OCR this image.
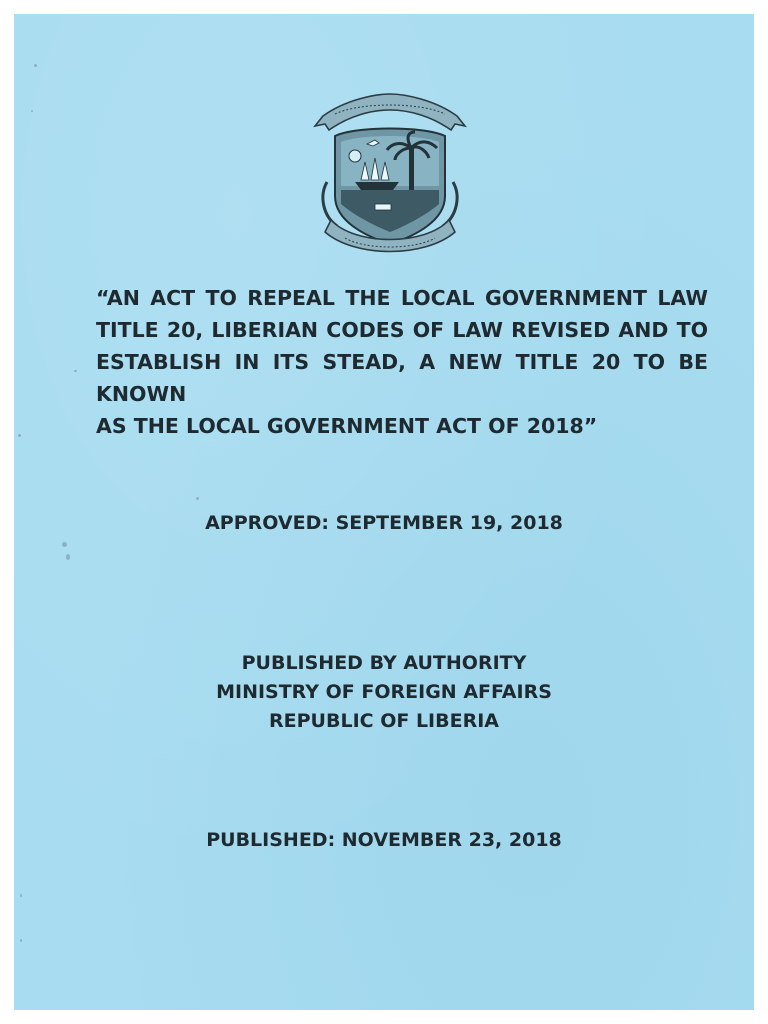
“AN ACT TO REPEAL THE LOCAL GOVERNMENT LAW
TITLE 20, LIBERIAN CODES OF LAW REVISED AND TO
ESTABLISH IN ITS STEAD, A NEW TITLE 20 TO BE KNOWN
AS THE LOCAL GOVERNMENT ACT OF 2018”
APPROVED: SEPTEMBER 19, 2018
PUBLISHED BY AUTHORITY
MINISTRY OF FOREIGN AFFAIRS
REPUBLIC OF LIBERIA
PUBLISHED: NOVEMBER 23, 2018
